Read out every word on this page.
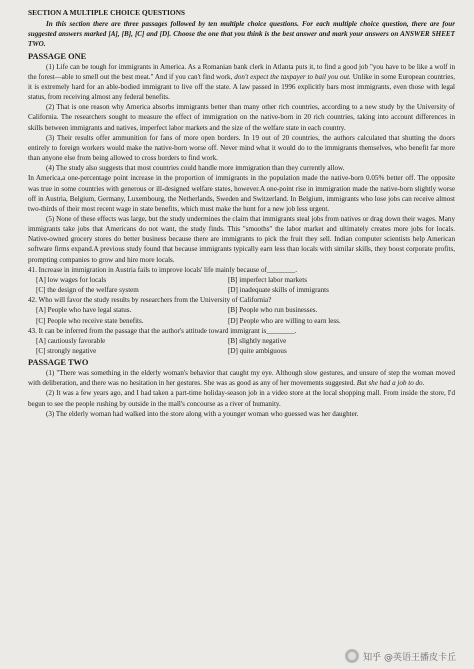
SECTION A MULTIPLE CHOICE QUESTIONS

In this section there are three passages followed by ten multiple choice questions. For each multiple choice question, there are four suggested answers marked [A], [B], [C] and [D]. Choose the one that you think is the best answer and mark your answers on ANSWER SHEET TWO.

PASSAGE ONE

(1) Life can be tough for immigrants in America. As a Romanian bank clerk in Atlanta puts it, to find a good job "you have to be like a wolf in the forest—able to smell out the best meat." And if you can't find work, don't expect the taxpayer to bail you out. Unlike in some European countries, it is extremely hard for an able-bodied immigrant to live off the state. A law passed in 1996 explicitly bars most immigrants, even those with legal status, from receiving almost any federal benefits.

(2) That is one reason why America absorbs immigrants better than many other rich countries, according to a new study by the University of California. The researchers sought to measure the effect of immigration on the native-born in 20 rich countries, taking into account differences in skills between immigrants and natives, imperfect labor markets and the size of the welfare state in each country.

(3) Their results offer ammunition for fans of more open borders. In 19 out of 20 countries, the authors calculated that shutting the doors entirely to foreign workers would make the native-born worse off. Never mind what it would do to the immigrants themselves, who benefit far more than anyone else from being allowed to cross borders to find work.

(4) The study also suggests that most countries could handle more immigration than they currently allow.

In America,a one-percentage point increase in the proportion of immigrants in the population made the native-born 0.05% better off. The opposite was true in some countries with generous or ill-designed welfare states, however.A one-point rise in immigration made the native-born slightly worse off in Austria, Belgium, Germany, Luxembourg, the Netherlands, Sweden and Switzerland. In Belgium, immigrants who lose jobs can receive almost two-thirds of their most recent wage in state benefits, which must make the hunt for a new job less urgent.

(5) None of these effects was large, but the study undermines the claim that immigrants steal jobs from natives or drag down their wages. Many immigrants take jobs that Americans do not want, the study finds. This "smooths" the labor market and ultimately creates more jobs for locals. Native-owned grocery stores do better business because there are immigrants to pick the fruit they sell. Indian computer scientists help American software firms expand.A previous study found that because immigrants typically earn less than locals with similar skills, they boost corporate profits, prompting companies to grow and hire more locals.

41. Increase in immigration in Austria fails to improve locals' life mainly because of________.

[A] low wages for locals	[B] imperfect labor markets
[C] the design of the welfare system	[D] inadequate skills of immigrants

42. Who will favor the study results by researchers from the University of California?

[A] People who have legal status.	[B] People who run businesses.
[C] People who receive state benefits.	[D] People who are willing to earn less.

43. It can be inferred from the passage that the author's attitude toward immigrant is________.

[A] cautiously favorable	[B] slightly negative
[C] strongly negative	[D] quite ambiguous
PASSAGE TWO

(1) "There was something in the elderly woman's behavior that caught my eye. Although slow gestures, and unsure of step the woman moved with deliberation, and there was no hesitation in her gestures. She was as good as any of her movements suggested. But she had a job to do.

(2) It was a few years ago, and I had taken a part-time holiday-season job in a video store at the local shopping mall. From inside the store, I'd begun to see the people rushing by outside in the mall's concourse as a river of humanity.

(3) The elderly woman had walked into the store along with a younger woman who guessed was her daughter.

知乎 @英语王播皮卡丘
